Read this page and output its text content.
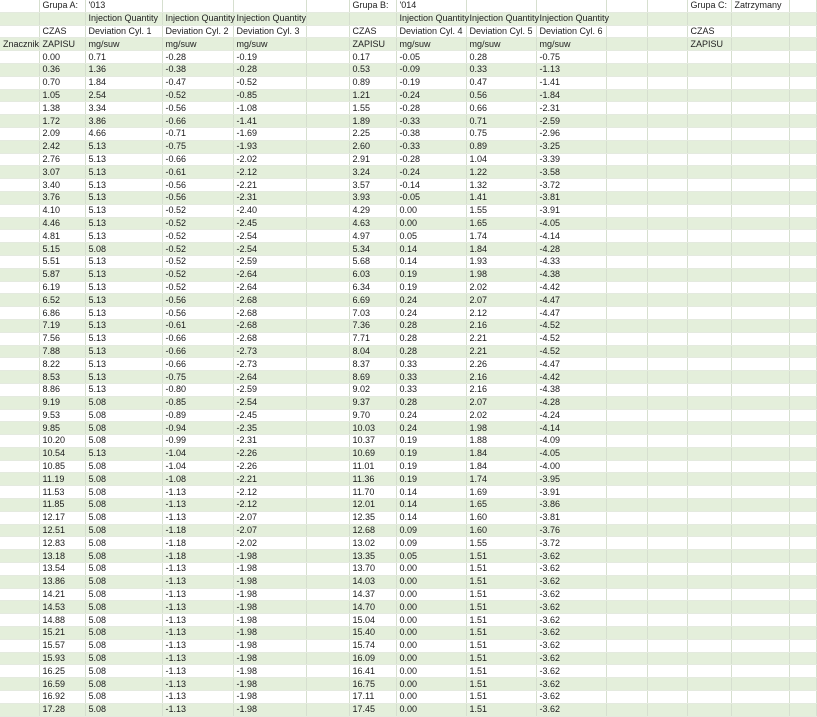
	Grupa A:	'013				Grupa B:	'014					Grupa C:	Zatrzymany	
		Injection Quantity	Injection Quantity	Injection Quantity			Injection Quantity	Injection Quantity	Injection Quantity					
	CZAS	Deviation Cyl. 1	Deviation Cyl. 2	Deviation Cyl. 3		CZAS	Deviation Cyl. 4	Deviation Cyl. 5	Deviation Cyl. 6			CZAS		
Znacznik	ZAPISU	mg/suw	mg/suw	mg/suw		ZAPISU	mg/suw	mg/suw	mg/suw			ZAPISU		
	0.00	0.71	-0.28	-0.19		0.17	-0.05	0.28	-0.75					
	0.36	1.36	-0.38	-0.28		0.53	-0.09	0.33	-1.13					
	0.70	1.84	-0.47	-0.52		0.89	-0.19	0.47	-1.41					
	1.05	2.54	-0.52	-0.85		1.21	-0.24	0.56	-1.84					
	1.38	3.34	-0.56	-1.08		1.55	-0.28	0.66	-2.31					
	1.72	3.86	-0.66	-1.41		1.89	-0.33	0.71	-2.59					
	2.09	4.66	-0.71	-1.69		2.25	-0.38	0.75	-2.96					
	2.42	5.13	-0.75	-1.93		2.60	-0.33	0.89	-3.25					
	2.76	5.13	-0.66	-2.02		2.91	-0.28	1.04	-3.39					
	3.07	5.13	-0.61	-2.12		3.24	-0.24	1.22	-3.58					
	3.40	5.13	-0.56	-2.21		3.57	-0.14	1.32	-3.72					
	3.76	5.13	-0.56	-2.31		3.93	-0.05	1.41	-3.81					
	4.10	5.13	-0.52	-2.40		4.29	0.00	1.55	-3.91					
	4.46	5.13	-0.52	-2.45		4.63	0.00	1.65	-4.05					
	4.81	5.13	-0.52	-2.54		4.97	0.05	1.74	-4.14					
	5.15	5.08	-0.52	-2.54		5.34	0.14	1.84	-4.28					
	5.51	5.13	-0.52	-2.59		5.68	0.14	1.93	-4.33					
	5.87	5.13	-0.52	-2.64		6.03	0.19	1.98	-4.38					
	6.19	5.13	-0.52	-2.64		6.34	0.19	2.02	-4.42					
	6.52	5.13	-0.56	-2.68		6.69	0.24	2.07	-4.47					
	6.86	5.13	-0.56	-2.68		7.03	0.24	2.12	-4.47					
	7.19	5.13	-0.61	-2.68		7.36	0.28	2.16	-4.52					
	7.56	5.13	-0.66	-2.68		7.71	0.28	2.21	-4.52					
	7.88	5.13	-0.66	-2.73		8.04	0.28	2.21	-4.52					
	8.22	5.13	-0.66	-2.73		8.37	0.33	2.26	-4.47					
	8.53	5.13	-0.75	-2.64		8.69	0.33	2.16	-4.42					
	8.86	5.13	-0.80	-2.59		9.02	0.33	2.16	-4.38					
	9.19	5.08	-0.85	-2.54		9.37	0.28	2.07	-4.28					
	9.53	5.08	-0.89	-2.45		9.70	0.24	2.02	-4.24					
	9.85	5.08	-0.94	-2.35		10.03	0.24	1.98	-4.14					
	10.20	5.08	-0.99	-2.31		10.37	0.19	1.88	-4.09					
	10.54	5.13	-1.04	-2.26		10.69	0.19	1.84	-4.05					
	10.85	5.08	-1.04	-2.26		11.01	0.19	1.84	-4.00					
	11.19	5.08	-1.08	-2.21		11.36	0.19	1.74	-3.95					
	11.53	5.08	-1.13	-2.12		11.70	0.14	1.69	-3.91					
	11.85	5.08	-1.13	-2.12		12.01	0.14	1.65	-3.86					
	12.17	5.08	-1.13	-2.07		12.35	0.14	1.60	-3.81					
	12.51	5.08	-1.18	-2.07		12.68	0.09	1.60	-3.76					
	12.83	5.08	-1.18	-2.02		13.02	0.09	1.55	-3.72					
	13.18	5.08	-1.18	-1.98		13.35	0.05	1.51	-3.62					
	13.54	5.08	-1.13	-1.98		13.70	0.00	1.51	-3.62					
	13.86	5.08	-1.13	-1.98		14.03	0.00	1.51	-3.62					
	14.21	5.08	-1.13	-1.98		14.37	0.00	1.51	-3.62					
	14.53	5.08	-1.13	-1.98		14.70	0.00	1.51	-3.62					
	14.88	5.08	-1.13	-1.98		15.04	0.00	1.51	-3.62					
	15.21	5.08	-1.13	-1.98		15.40	0.00	1.51	-3.62					
	15.57	5.08	-1.13	-1.98		15.74	0.00	1.51	-3.62					
	15.93	5.08	-1.13	-1.98		16.09	0.00	1.51	-3.62					
	16.25	5.08	-1.13	-1.98		16.41	0.00	1.51	-3.62					
	16.59	5.08	-1.13	-1.98		16.75	0.00	1.51	-3.62					
	16.92	5.08	-1.13	-1.98		17.11	0.00	1.51	-3.62					
	17.28	5.08	-1.13	-1.98		17.45	0.00	1.51	-3.62					
